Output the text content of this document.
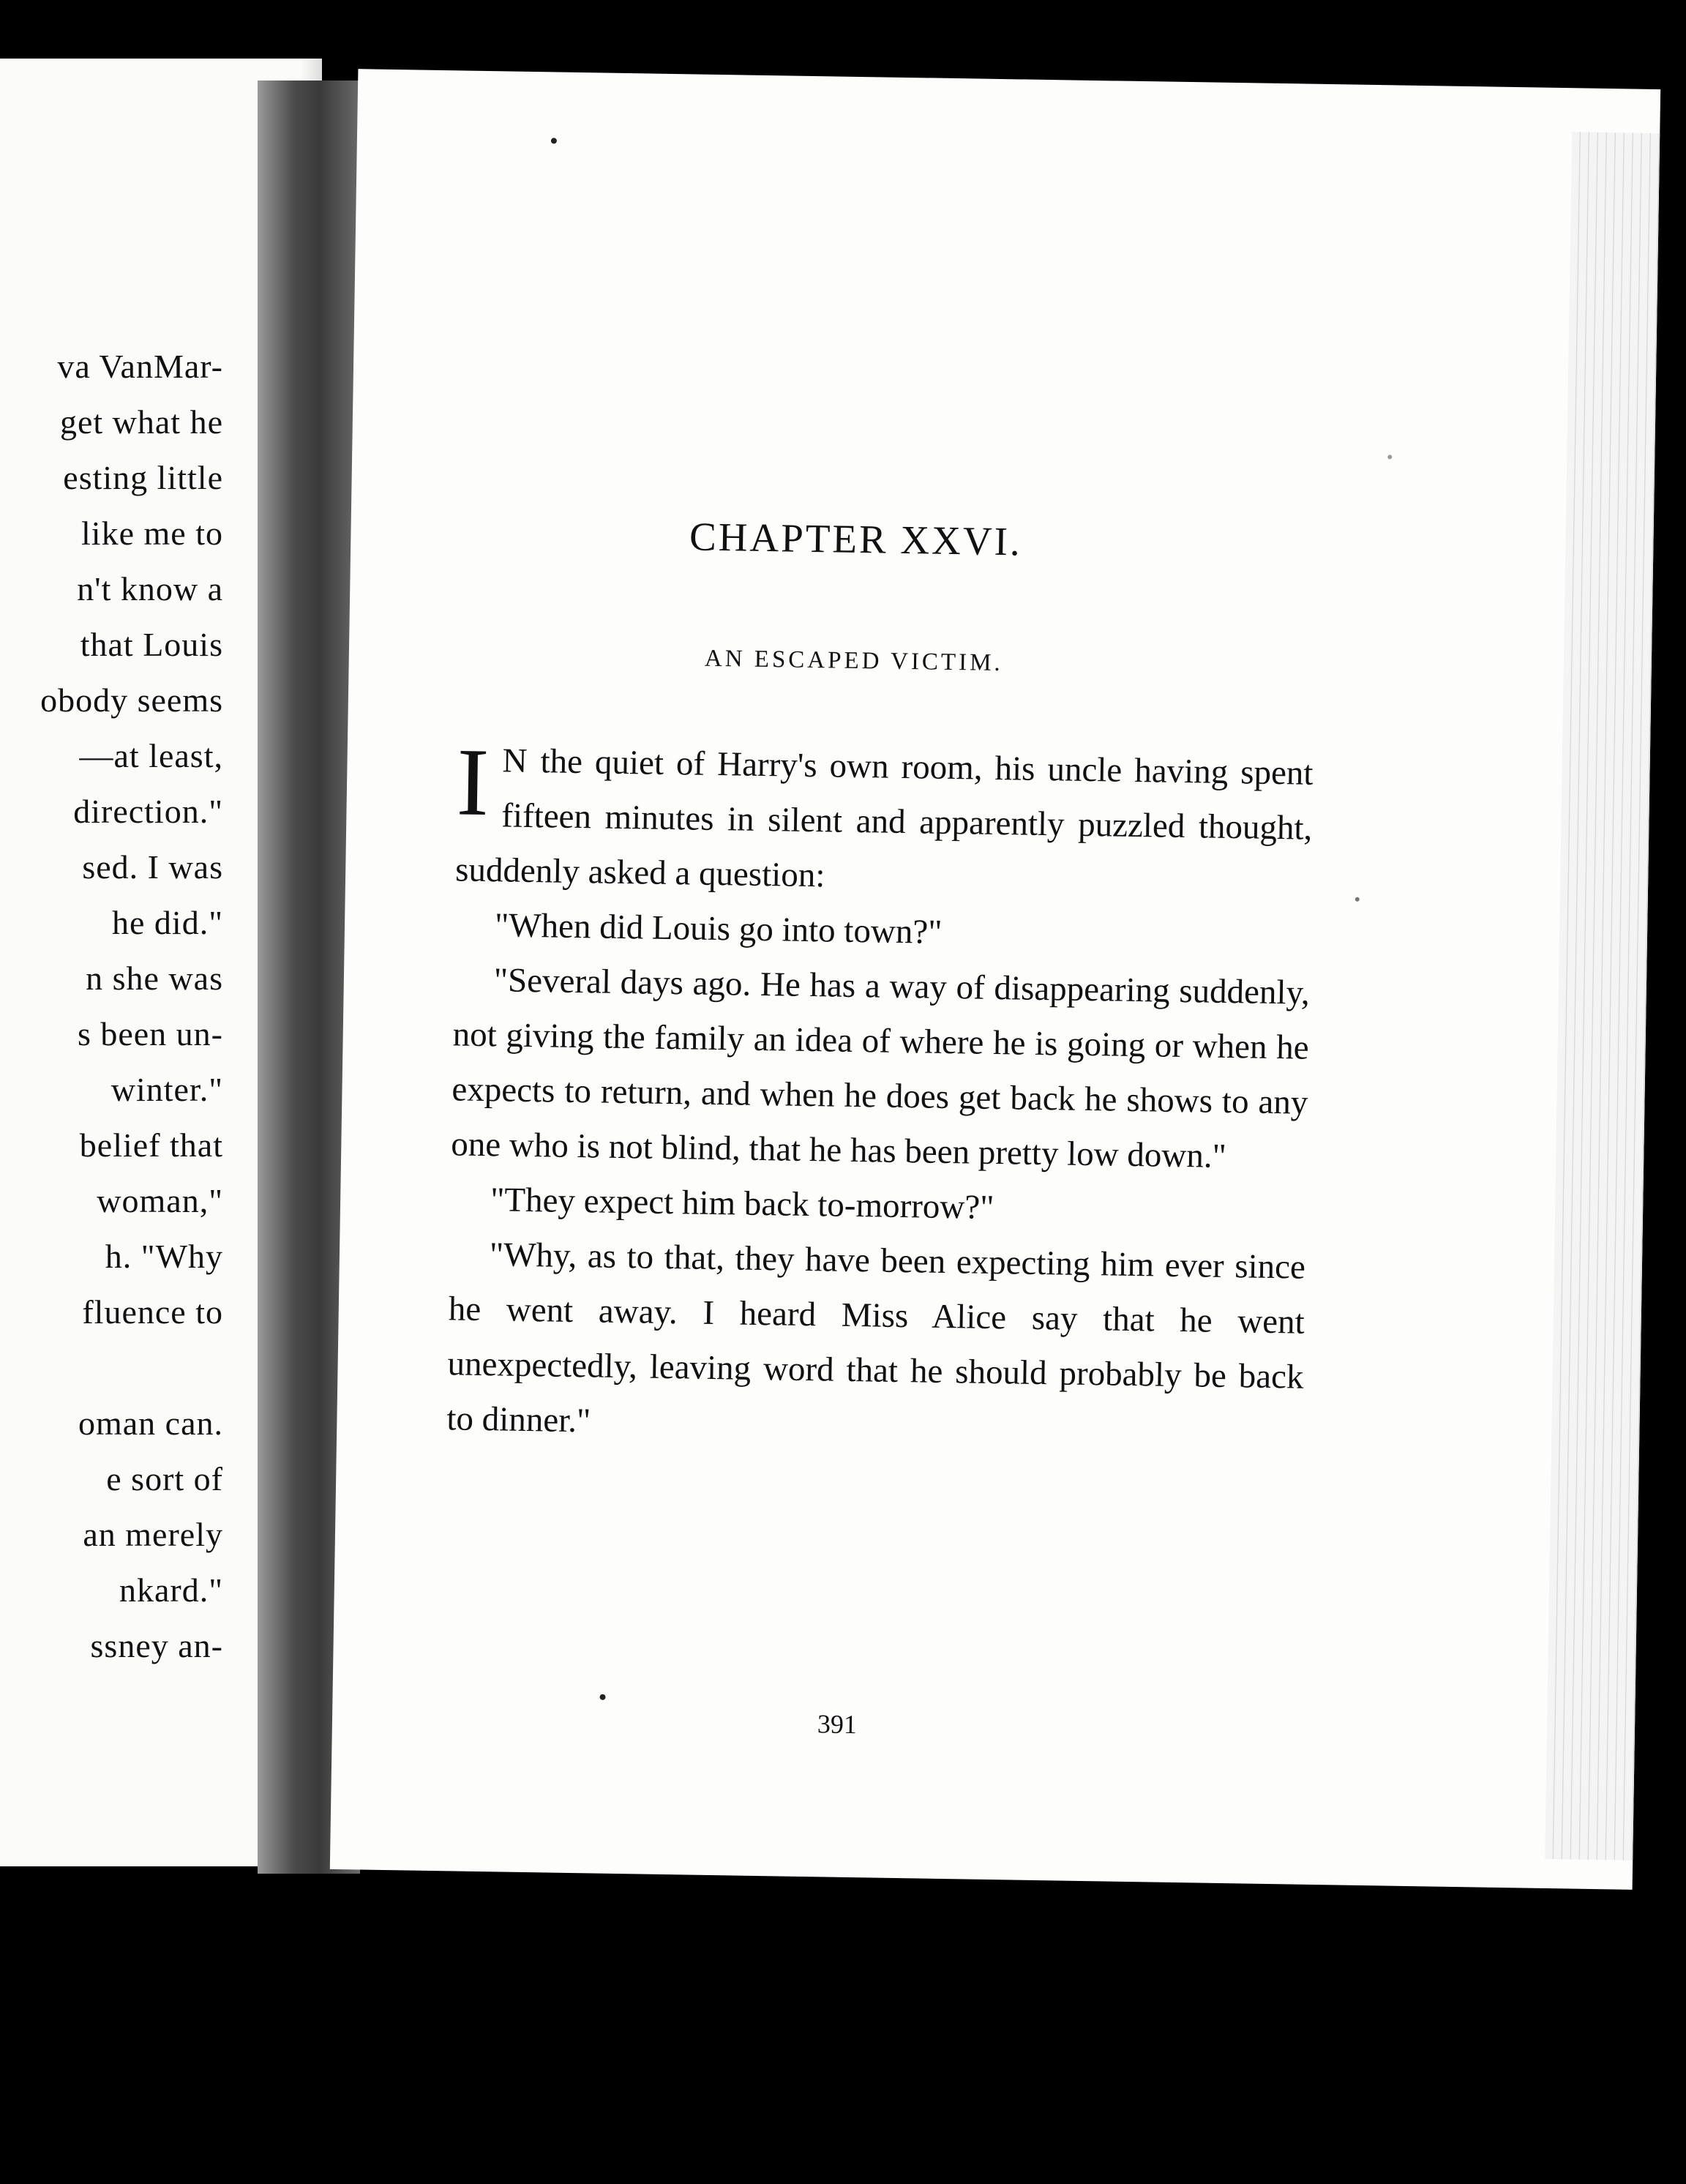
va VanMar-
get what he
esting little
like me to
n't know a
that Louis
obody seems
—at least,
direction."
sed. I was
he did."
n she was
s been un-
winter."
belief that
woman,"
h. "Why
fluence to
oman can.
e sort of
an merely
nkard."
ssney an-
CHAPTER XXVI.
AN ESCAPED VICTIM.

I N the quiet of Harry's own room, his uncle having spent fifteen minutes in silent and apparently puzzled thought, suddenly asked a question:

"When did Louis go into town?"

"Several days ago. He has a way of disappearing suddenly, not giving the family an idea of where he is going or when he expects to return, and when he does get back he shows to any one who is not blind, that he has been pretty low down."

"They expect him back to-morrow?"

"Why, as to that, they have been expecting him ever since he went away. I heard Miss Alice say that he went unexpectedly, leaving word that he should probably be back to dinner."

391
